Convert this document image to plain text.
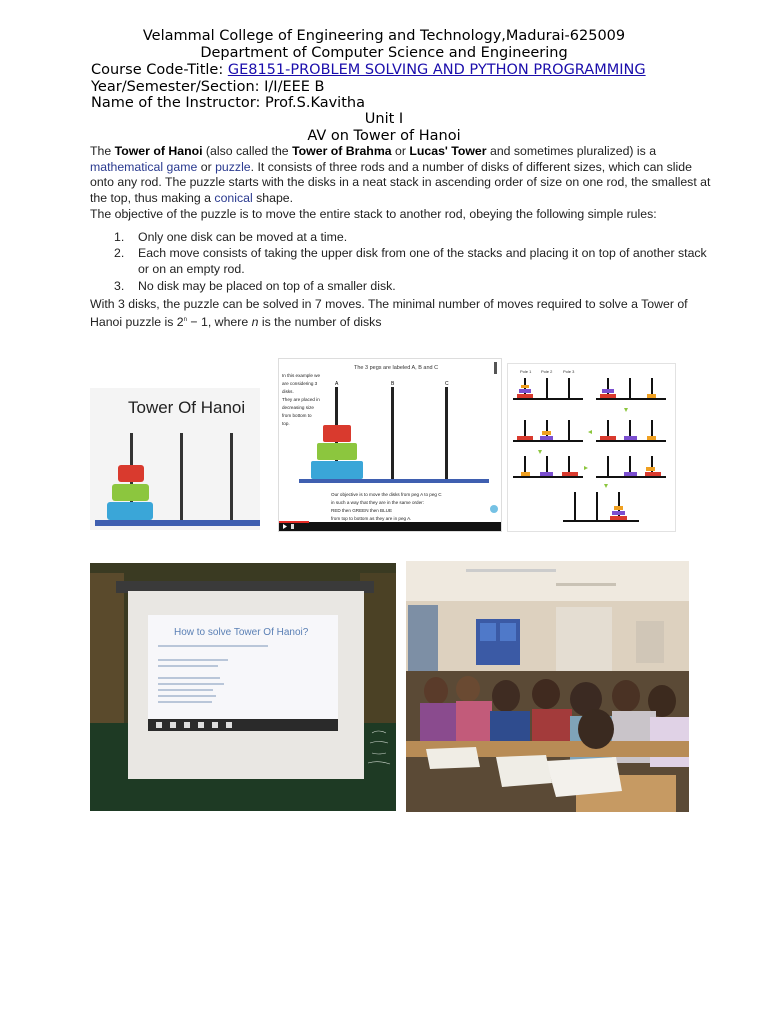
Velammal College of Engineering and Technology,Madurai-625009
Department of Computer Science and Engineering
Course Code-Title: GE8151-PROBLEM SOLVING AND PYTHON PROGRAMMING
Year/Semester/Section: I/I/EEE B
Name of the Instructor: Prof.S.Kavitha
Unit I
AV on Tower of Hanoi
The Tower of Hanoi (also called the Tower of Brahma or Lucas' Tower and sometimes pluralized) is a mathematical game or puzzle. It consists of three rods and a number of disks of different sizes, which can slide onto any rod. The puzzle starts with the disks in a neat stack in ascending order of size on one rod, the smallest at the top, thus making a conical shape.
The objective of the puzzle is to move the entire stack to another rod, obeying the following simple rules:
1. Only one disk can be moved at a time.
2. Each move consists of taking the upper disk from one of the stacks and placing it on top of another stack or on an empty rod.
3. No disk may be placed on top of a smaller disk.
With 3 disks, the puzzle can be solved in 7 moves. The minimal number of moves required to solve a Tower of Hanoi puzzle is $2^n - 1$, where n is the number of disks
Tower Of Hanoi
The 3 pegs are labeled A, B and C
In this example we
are considering 3
disks.
They are placed in
decreasing size
from bottom to
top.
A	B	C
Our objective is to move the disks from peg A to peg C
in such a way that they are in the same order:
RED then GREEN then BLUE
from top to bottom as they are in peg A.
Pole 1 Pole 2	Pole 3
How to solve Tower Of Hanoi?
